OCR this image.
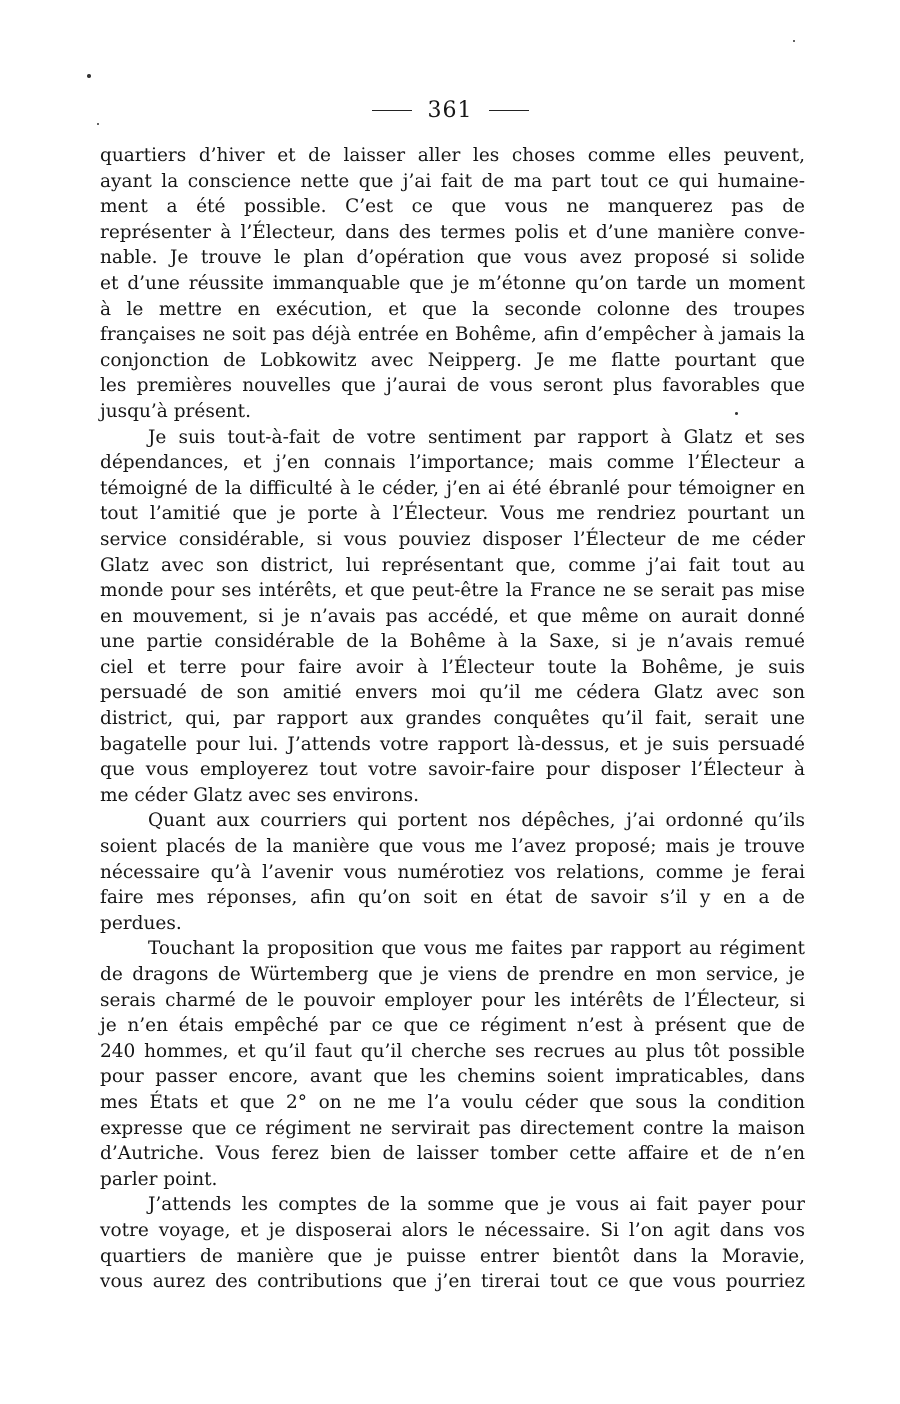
361
quartiers d’hiver et de laisser aller les choses comme elles peuvent,
ayant la conscience nette que j’ai fait de ma part tout ce qui humaine-
ment a été possible. C’est ce que vous ne manquerez pas de
représenter à l’Électeur, dans des termes polis et d’une manière conve-
nable. Je trouve le plan d’opération que vous avez proposé si solide
et d’une réussite immanquable que je m’étonne qu’on tarde un moment
à le mettre en exécution, et que la seconde colonne des troupes
françaises ne soit pas déjà entrée en Bohême, afin d’empêcher à jamais la
conjonction de Lobkowitz avec Neipperg. Je me flatte pourtant que
les premières nouvelles que j’aurai de vous seront plus favorables que
jusqu’à présent.
Je suis tout-à-fait de votre sentiment par rapport à Glatz et ses
dépendances, et j’en connais l’importance; mais comme l’Électeur a
témoigné de la difficulté à le céder, j’en ai été ébranlé pour témoigner en
tout l’amitié que je porte à l’Électeur. Vous me rendriez pourtant un
service considérable, si vous pouviez disposer l’Électeur de me céder
Glatz avec son district, lui représentant que, comme j’ai fait tout au
monde pour ses intérêts, et que peut-être la France ne se serait pas mise
en mouvement, si je n’avais pas accédé, et que même on aurait donné
une partie considérable de la Bohême à la Saxe, si je n’avais remué
ciel et terre pour faire avoir à l’Électeur toute la Bohême, je suis
persuadé de son amitié envers moi qu’il me cédera Glatz avec son
district, qui, par rapport aux grandes conquêtes qu’il fait, serait une
bagatelle pour lui. J’attends votre rapport là-dessus, et je suis persuadé
que vous employerez tout votre savoir-faire pour disposer l’Électeur à
me céder Glatz avec ses environs.
Quant aux courriers qui portent nos dépêches, j’ai ordonné qu’ils
soient placés de la manière que vous me l’avez proposé; mais je trouve
nécessaire qu’à l’avenir vous numérotiez vos relations, comme je ferai
faire mes réponses, afin qu’on soit en état de savoir s’il y en a de
perdues.
Touchant la proposition que vous me faites par rapport au régiment
de dragons de Würtemberg que je viens de prendre en mon service, je
serais charmé de le pouvoir employer pour les intérêts de l’Électeur, si
je n’en étais empêché par ce que ce régiment n’est à présent que de
240 hommes, et qu’il faut qu’il cherche ses recrues au plus tôt possible
pour passer encore, avant que les chemins soient impraticables, dans
mes États et que 2° on ne me l’a voulu céder que sous la condition
expresse que ce régiment ne servirait pas directement contre la maison
d’Autriche. Vous ferez bien de laisser tomber cette affaire et de n’en
parler point.
J’attends les comptes de la somme que je vous ai fait payer pour
votre voyage, et je disposerai alors le nécessaire. Si l’on agit dans vos
quartiers de manière que je puisse entrer bientôt dans la Moravie,
vous aurez des contributions que j’en tirerai tout ce que vous pourriez
